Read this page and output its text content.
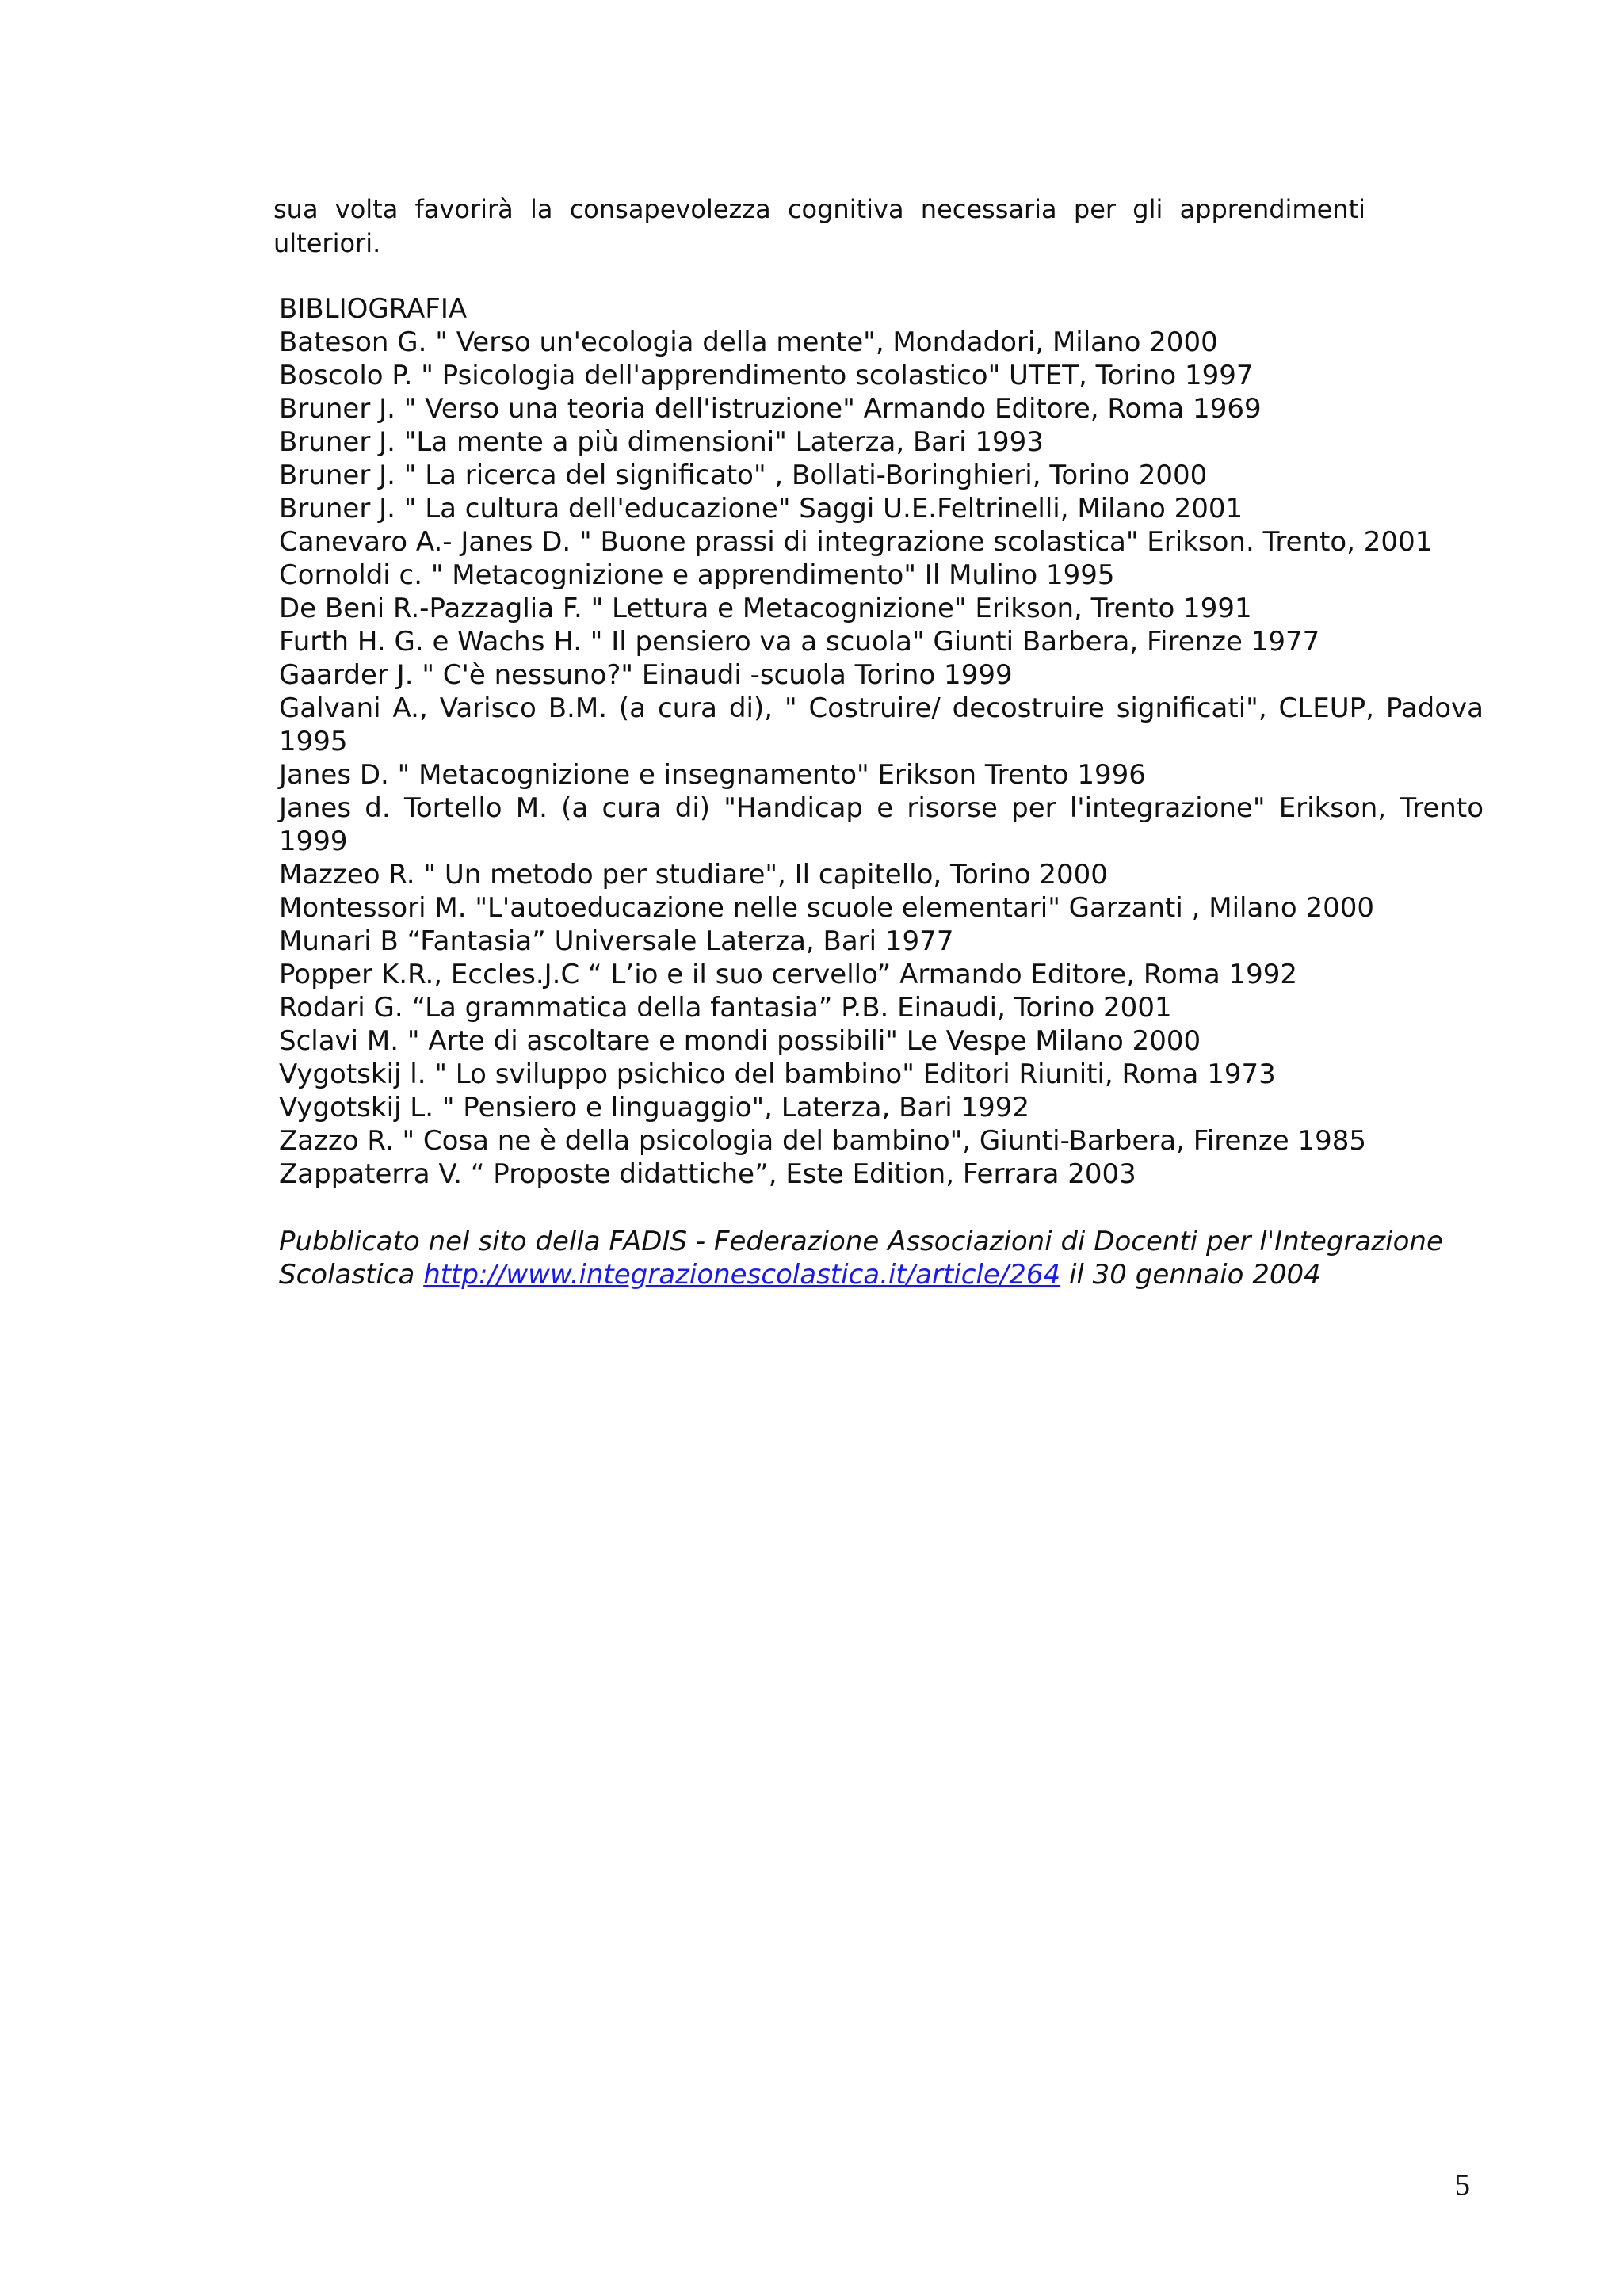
sua volta favorirà la consapevolezza cognitiva necessaria per gli apprendimenti ulteriori.

BIBLIOGRAFIA
Bateson G. " Verso un'ecologia della mente", Mondadori, Milano 2000
Boscolo P. " Psicologia dell'apprendimento scolastico" UTET, Torino 1997
Bruner J. " Verso una teoria dell'istruzione" Armando Editore, Roma 1969
Bruner J. "La mente a più dimensioni" Laterza, Bari 1993
Bruner J. " La ricerca del significato" , Bollati-Boringhieri, Torino 2000
Bruner J. " La cultura dell'educazione" Saggi U.E.Feltrinelli, Milano 2001
Canevaro A.- Janes D. " Buone prassi di integrazione scolastica" Erikson. Trento, 2001
Cornoldi c. " Metacognizione e apprendimento" Il Mulino 1995
De Beni R.-Pazzaglia F. " Lettura e Metacognizione" Erikson, Trento 1991
Furth H. G. e Wachs H. " Il pensiero va a scuola" Giunti Barbera, Firenze 1977
Gaarder J. " C'è nessuno?" Einaudi -scuola Torino 1999
Galvani A., Varisco B.M. (a cura di), " Costruire/ decostruire significati", CLEUP, Padova 1995
Janes D. " Metacognizione e insegnamento" Erikson Trento 1996
Janes d. Tortello M. (a cura di) "Handicap e risorse per l'integrazione" Erikson, Trento 1999
Mazzeo R. " Un metodo per studiare", Il capitello, Torino 2000
Montessori M. "L'autoeducazione nelle scuole elementari" Garzanti , Milano 2000
Munari B “Fantasia” Universale Laterza, Bari 1977
Popper K.R., Eccles.J.C “ L’io e il suo cervello” Armando Editore, Roma 1992
Rodari G. “La grammatica della fantasia” P.B. Einaudi, Torino 2001
Sclavi M. " Arte di ascoltare e mondi possibili" Le Vespe Milano 2000
Vygotskij l. " Lo sviluppo psichico del bambino" Editori Riuniti, Roma 1973
Vygotskij L. " Pensiero e linguaggio", Laterza, Bari 1992
Zazzo R. " Cosa ne è della psicologia del bambino", Giunti-Barbera, Firenze 1985
Zappaterra V. “ Proposte didattiche”, Este Edition, Ferrara 2003

Pubblicato nel sito della FADIS - Federazione Associazioni di Docenti per l'Integrazione Scolastica http://www.integrazionescolastica.it/article/264 il 30 gennaio 2004

5
